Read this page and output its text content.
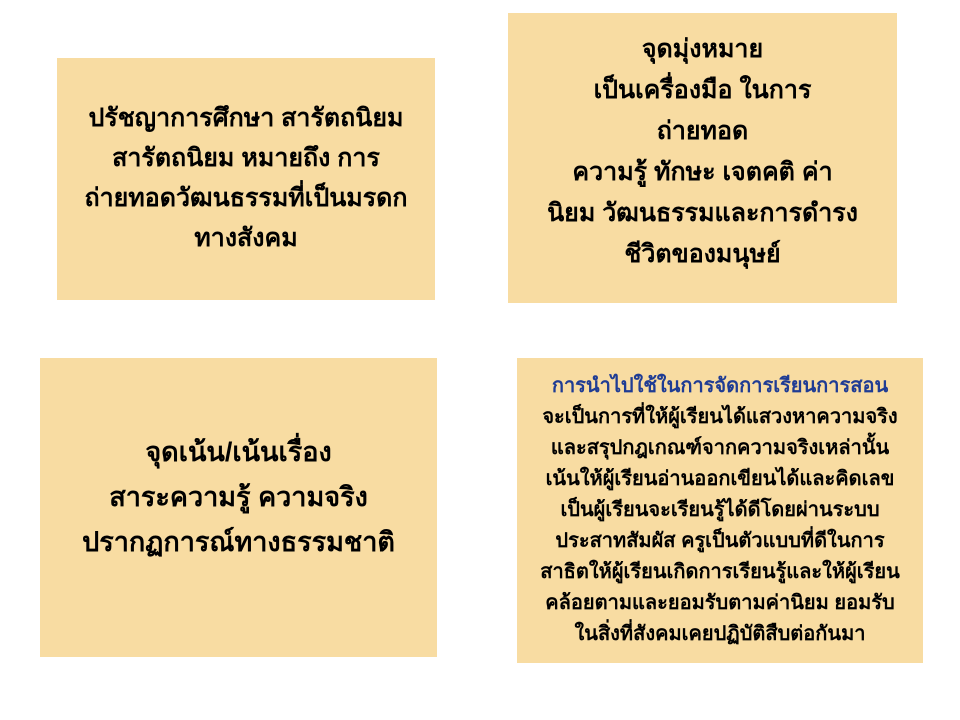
ปรัชญาการศึกษา สารัตถนิยม
สารัตถนิยม หมายถึง การ
ถ่ายทอดวัฒนธรรมที่เป็นมรดก
ทางสังคม
จุดมุ่งหมาย
เป็นเครื่องมือ ในการ
ถ่ายทอด
ความรู้ ทักษะ เจตคติ ค่า
นิยม วัฒนธรรมและการดำรง
ชีวิตของมนุษย์
จุดเน้น/เน้นเรื่อง
สาระความรู้ ความจริง
ปรากฏการณ์ทางธรรมชาติ
การนำไปใช้ในการจัดการเรียนการสอน
จะเป็นการที่ให้ผู้เรียนได้แสวงหาความจริง
และสรุปกฎเกณฑ์จากความจริงเหล่านั้น
เน้นให้ผู้เรียนอ่านออกเขียนได้และคิดเลข
เป็นผู้เรียนจะเรียนรู้ได้ดีโดยผ่านระบบ
ประสาทสัมผัส ครูเป็นตัวแบบที่ดีในการ
สาธิตให้ผู้เรียนเกิดการเรียนรู้และให้ผู้เรียน
คล้อยตามและยอมรับตามค่านิยม ยอมรับ
ในสิ่งที่สังคมเคยปฏิบัติสืบต่อกันมา
